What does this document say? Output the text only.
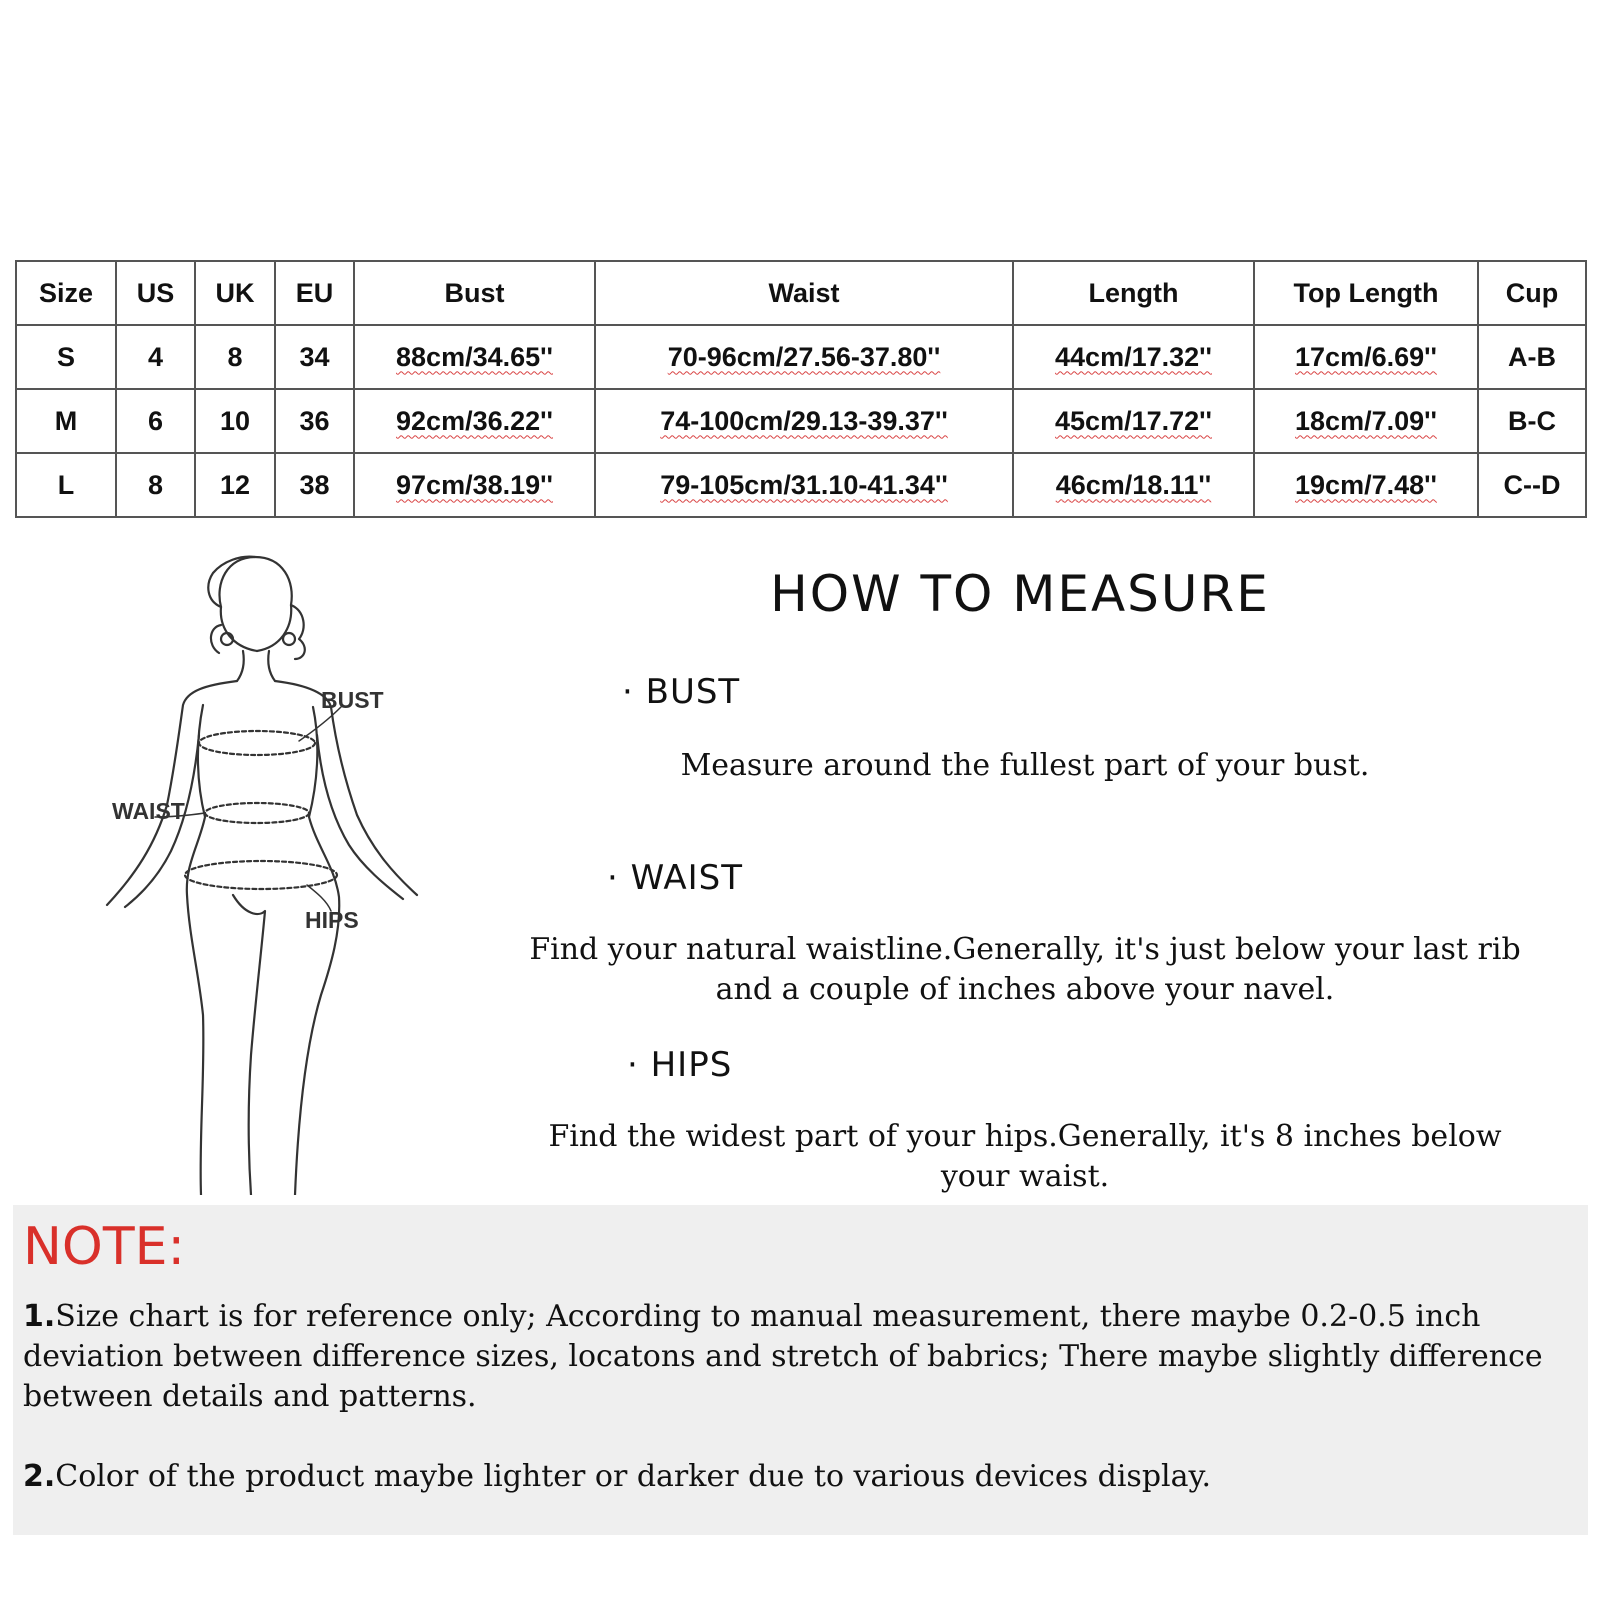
Size	US	UK	EU	Bust	Waist	Length	Top Length	Cup
S	4	8	34	88cm/34.65''	70-96cm/27.56-37.80''	44cm/17.32''	17cm/6.69''	A-B
M	6	10	36	92cm/36.22''	74-100cm/29.13-39.37''	45cm/17.72''	18cm/7.09''	B-C
L	8	12	38	97cm/38.19''	79-105cm/31.10-41.34''	46cm/18.11''	19cm/7.48''	C--D
BUST
WAIST
HIPS
HOW TO MEASURE
· BUST
Measure around the fullest part of your bust.
· WAIST
Find your natural waistline.Generally, it's just below your last rib
and a couple of inches above your navel.
· HIPS
Find the widest part of your hips.Generally, it's 8 inches below
your waist.
NOTE:
1.Size chart is for reference only; According to manual measurement, there maybe 0.2-0.5 inch deviation between difference sizes, locatons and stretch of babrics; There maybe slightly difference between details and patterns.
2.Color of the product maybe lighter or darker due to various devices display.
